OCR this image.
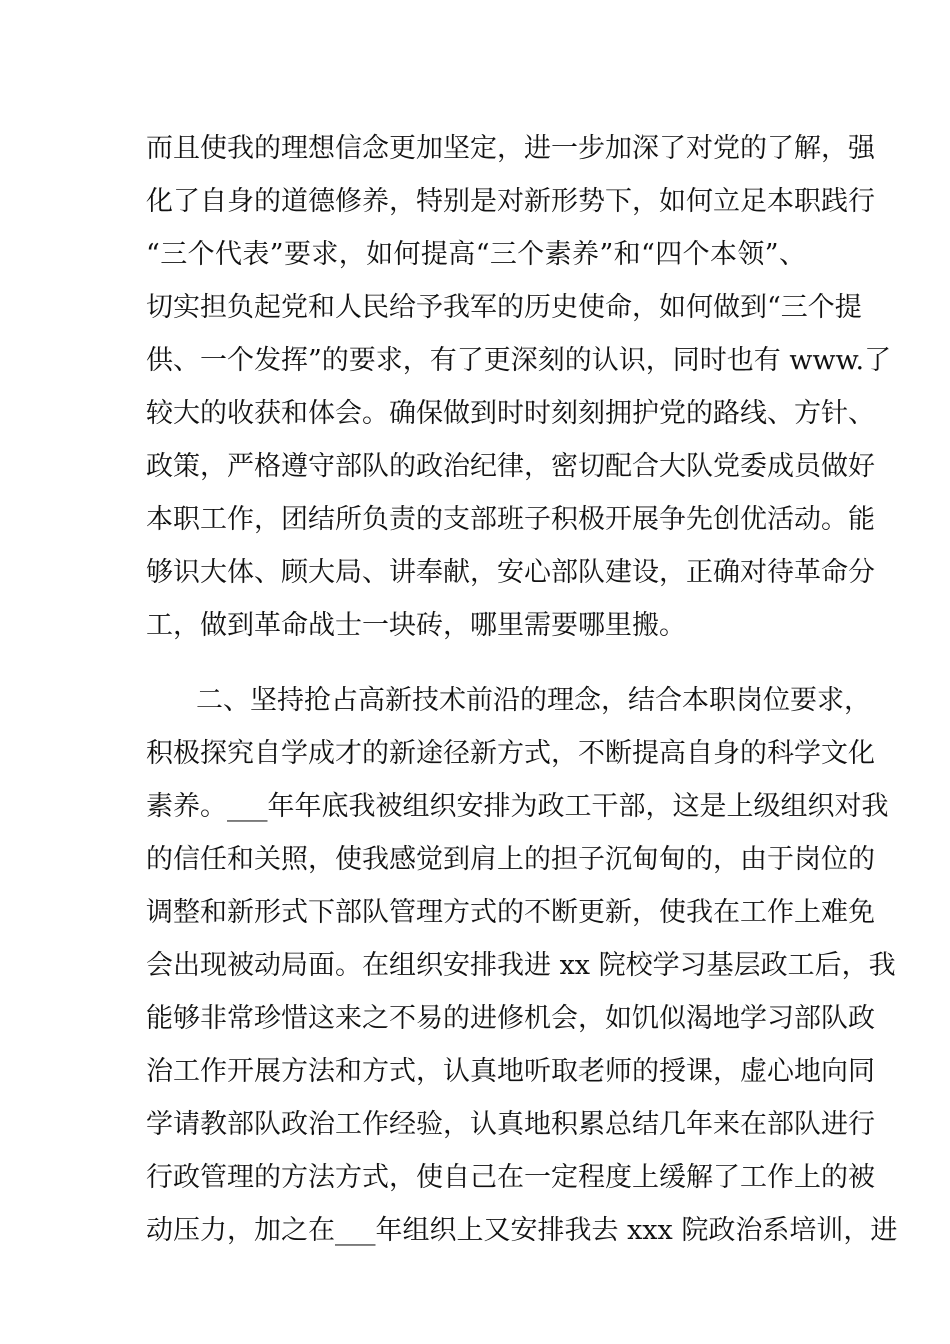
而且使我的理想信念更加坚定，进一步加深了对党的了解，强
化了自身的道德修养，特别是对新形势下，如何立足本职践行
“三个代表”要求，如何提高“三个素养”和“四个本领”、
切实担负起党和人民给予我军的历史使命，如何做到“三个提
供、一个发挥”的要求，有了更深刻的认识，同时也有 www.了
较大的收获和体会。确保做到时时刻刻拥护党的路线、方针、
政策，严格遵守部队的政治纪律，密切配合大队党委成员做好
本职工作，团结所负责的支部班子积极开展争先创优活动。能
够识大体、顾大局、讲奉献，安心部队建设，正确对待革命分
工，做到革命战士一块砖，哪里需要哪里搬。
二、坚持抢占高新技术前沿的理念，结合本职岗位要求，
积极探究自学成才的新途径新方式，不断提高自身的科学文化
素养。___年年底我被组织安排为政工干部，这是上级组织对我
的信任和关照，使我感觉到肩上的担子沉甸甸的，由于岗位的
调整和新形式下部队管理方式的不断更新，使我在工作上难免
会出现被动局面。在组织安排我进 xx 院校学习基层政工后，我
能够非常珍惜这来之不易的进修机会，如饥似渴地学习部队政
治工作开展方法和方式，认真地听取老师的授课，虚心地向同
学请教部队政治工作经验，认真地积累总结几年来在部队进行
行政管理的方法方式，使自己在一定程度上缓解了工作上的被
动压力，加之在___年组织上又安排我去 xxx 院政治系培训，进
